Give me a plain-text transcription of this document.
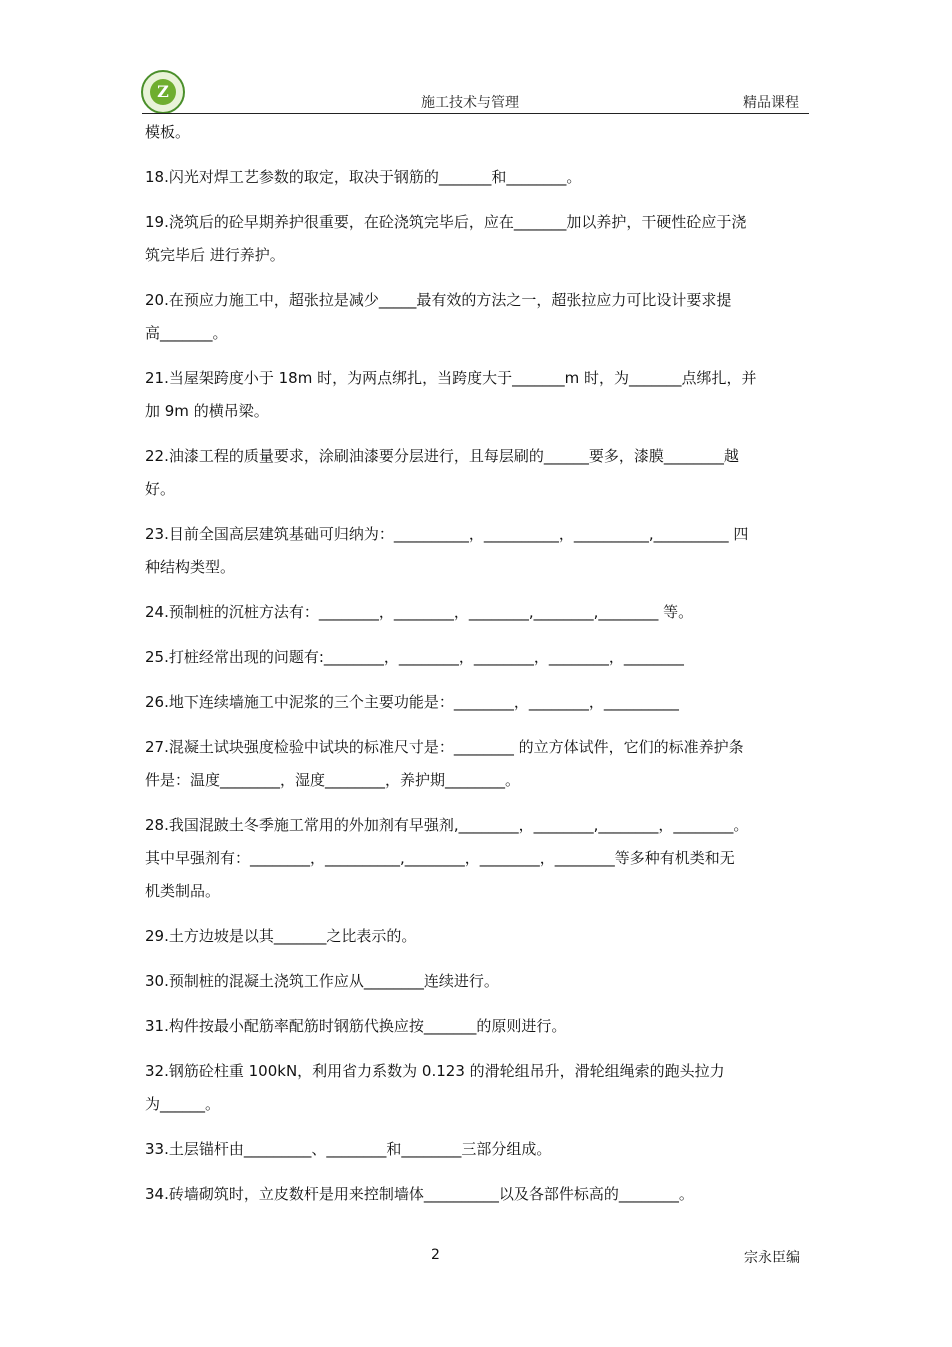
Z
施工技术与管理	精品课程

模板。

18.闪光对焊工艺参数的取定，取决于钢筋的_______和________。

19.浇筑后的砼早期养护很重要，在砼浇筑完毕后，应在_______加以养护，干硬性砼应于浇
筑完毕后 进行养护。

20.在预应力施工中，超张拉是减少_____最有效的方法之一，超张拉应力可比设计要求提
高_______。

21.当屋架跨度小于 18m 时，为两点绑扎，当跨度大于_______m 时，为_______点绑扎，并
加 9m 的横吊梁。

22.油漆工程的质量要求，涂刷油漆要分层进行，且每层刷的______要多，漆膜________越
好。

23.目前全国高层建筑基础可归纳为：__________，__________，__________,__________ 四
种结构类型。

24.预制桩的沉桩方法有：________，________，________,________,________ 等。

25.打桩经常出现的问题有:________，________，________，________，________

26.地下连续墙施工中泥浆的三个主要功能是：________，________，__________

27.混凝土试块强度检验中试块的标准尺寸是：________ 的立方体试件，它们的标准养护条
件是：温度________，湿度________，养护期________。

28.我国混跛土冬季施工常用的外加剂有早强剂,________，________,________，________。
其中早强剂有：________，__________,________，________，________等多种有机类和无
机类制品。

29.土方边坡是以其_______之比表示的。

30.预制桩的混凝土浇筑工作应从________连续进行。

31.构件按最小配筋率配筋时钢筋代换应按_______的原则进行。

32.钢筋砼柱重 100kN，利用省力系数为 0.123 的滑轮组吊升，滑轮组绳索的跑头拉力
为______。

33.土层锚杆由_________、________和________三部分组成。

34.砖墙砌筑时，立皮数杆是用来控制墙体__________以及各部件标高的________。

2	宗永臣编
